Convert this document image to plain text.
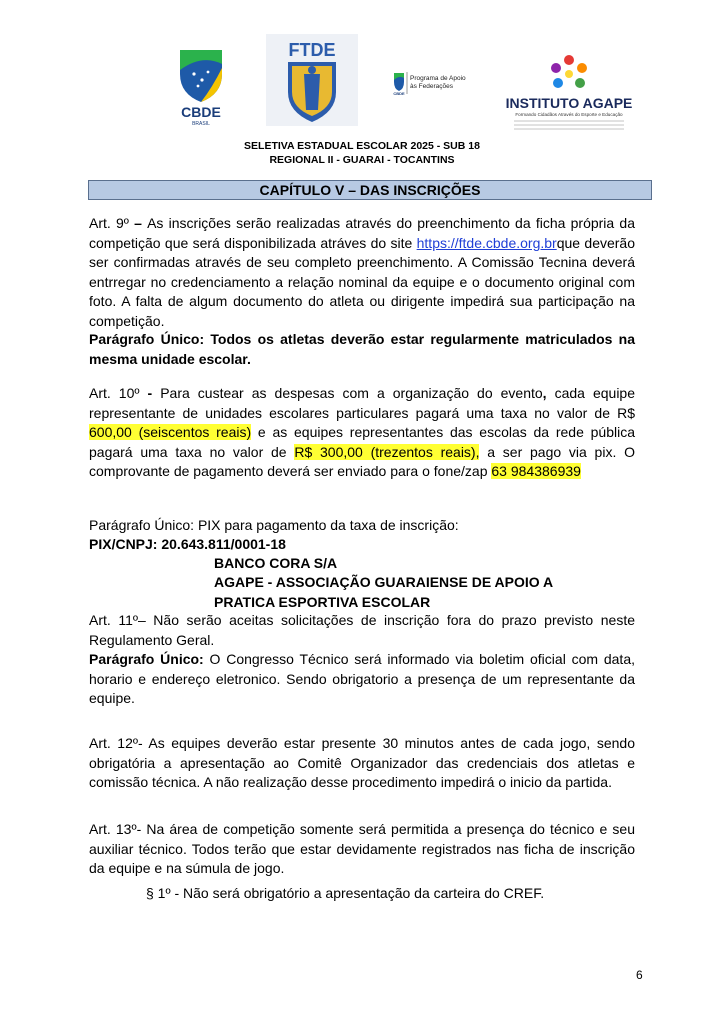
CBDE
BRASIL
FTDE
CBDE
Programa de Apoio
às Federações
INSTITUTO AGAPE
Formando Cidadãos Através do Esporte e Educação
SELETIVA ESTADUAL ESCOLAR 2025 - SUB 18
REGIONAL II - GUARAI - TOCANTINS
CAPÍTULO V – DAS INSCRIÇÕES
Art. 9º – As inscrições serão realizadas através do preenchimento da ficha própria da competição que será disponibilizada atráves do site https://ftde.cbde.org.brque deverão ser confirmadas através de seu completo preenchimento. A Comissão Tecnina deverá entrregar no credenciamento a relação nominal da equipe e o documento original com foto. A falta de algum documento do atleta ou dirigente impedirá sua participação na competição.
Parágrafo Único: Todos os atletas deverão estar regularmente matriculados na mesma unidade escolar.
Art. 10º - Para custear as despesas com a organização do evento, cada equipe representante de unidades escolares particulares pagará uma taxa no valor de R$ 600,00 (seiscentos reais) e as equipes representantes das escolas da rede pública pagará uma taxa no valor de R$ 300,00 (trezentos reais), a ser pago via pix. O comprovante de pagamento deverá ser enviado para o fone/zap 63 984386939
Parágrafo Único: PIX para pagamento da taxa de inscrição:
PIX/CNPJ: 20.643.811/0001-18
BANCO CORA S/A
AGAPE - ASSOCIAÇÃO GUARAIENSE DE APOIO A PRATICA ESPORTIVA ESCOLAR
Art. 11º– Não serão aceitas solicitações de inscrição fora do prazo previsto neste Regulamento Geral.
Parágrafo Único: O Congresso Técnico será informado via boletim oficial com data, horario e endereço eletronico. Sendo obrigatorio a presença de um representante da equipe.
Art. 12º- As equipes deverão estar presente 30 minutos antes de cada jogo, sendo obrigatória a apresentação ao Comitê Organizador das credenciais dos atletas e comissão técnica. A não realização desse procedimento impedirá o inicio da partida.
Art. 13º- Na área de competição somente será permitida a presença do técnico e seu auxiliar técnico. Todos terão que estar devidamente registrados nas ficha de inscrição da equipe e na súmula de jogo.
§ 1º - Não será obrigatório a apresentação da carteira do CREF.
6
